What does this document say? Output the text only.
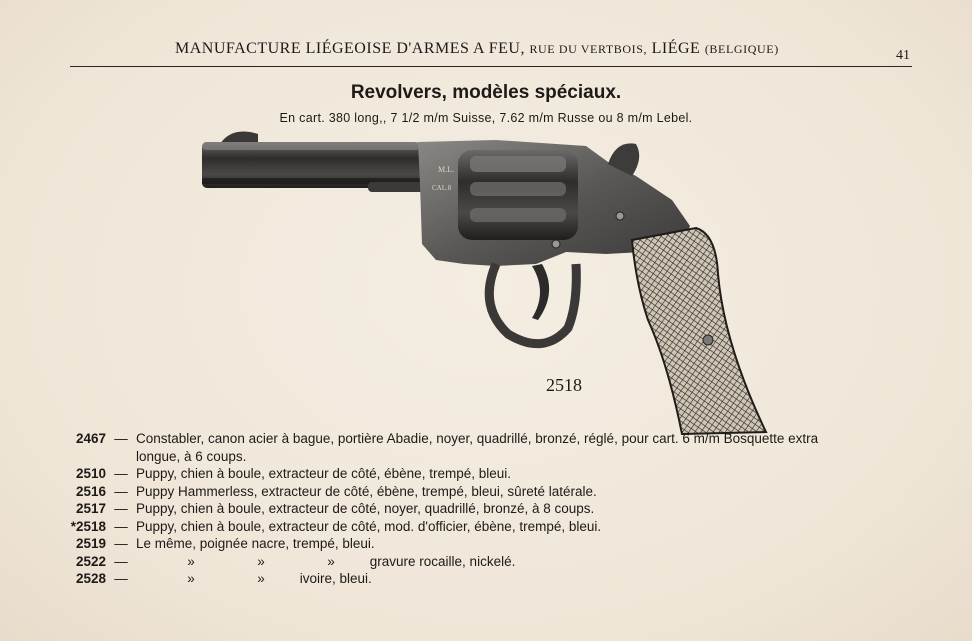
MANUFACTURE LIÉGEOISE D'ARMES A FEU, RUE DU VERTBOIS, LIÉGE (BELGIQUE)	41
Revolvers, modèles spéciaux.
En cart. 380 long,, 7 1/2 m/m Suisse, 7.62 m/m Russe ou 8 m/m Lebel.
M.L.
CAL.8
2518
2467 — Constabler, canon acier à bague, portière Abadie, noyer, quadrillé, bronzé, réglé, pour cart. 6 m/m Bosquette extra
longue, à 6 coups.
2510 — Puppy, chien à boule, extracteur de côté, ébène, trempé, bleui.
2516 — Puppy Hammerless, extracteur de côté, ébène, trempé, bleui, sûreté latérale.
2517 — Puppy, chien à boule, extracteur de côté, noyer, quadrillé, bronzé, à 8 coups.
*2518 — Puppy, chien à boule, extracteur de côté, mod. d'officier, ébène, trempé, bleui.
2519 — Le même, poignée nacre, trempé, bleui.
2522 —	»	»	»	gravure rocaille, nickelé.
2528 —	»	»	ivoire, bleui.
